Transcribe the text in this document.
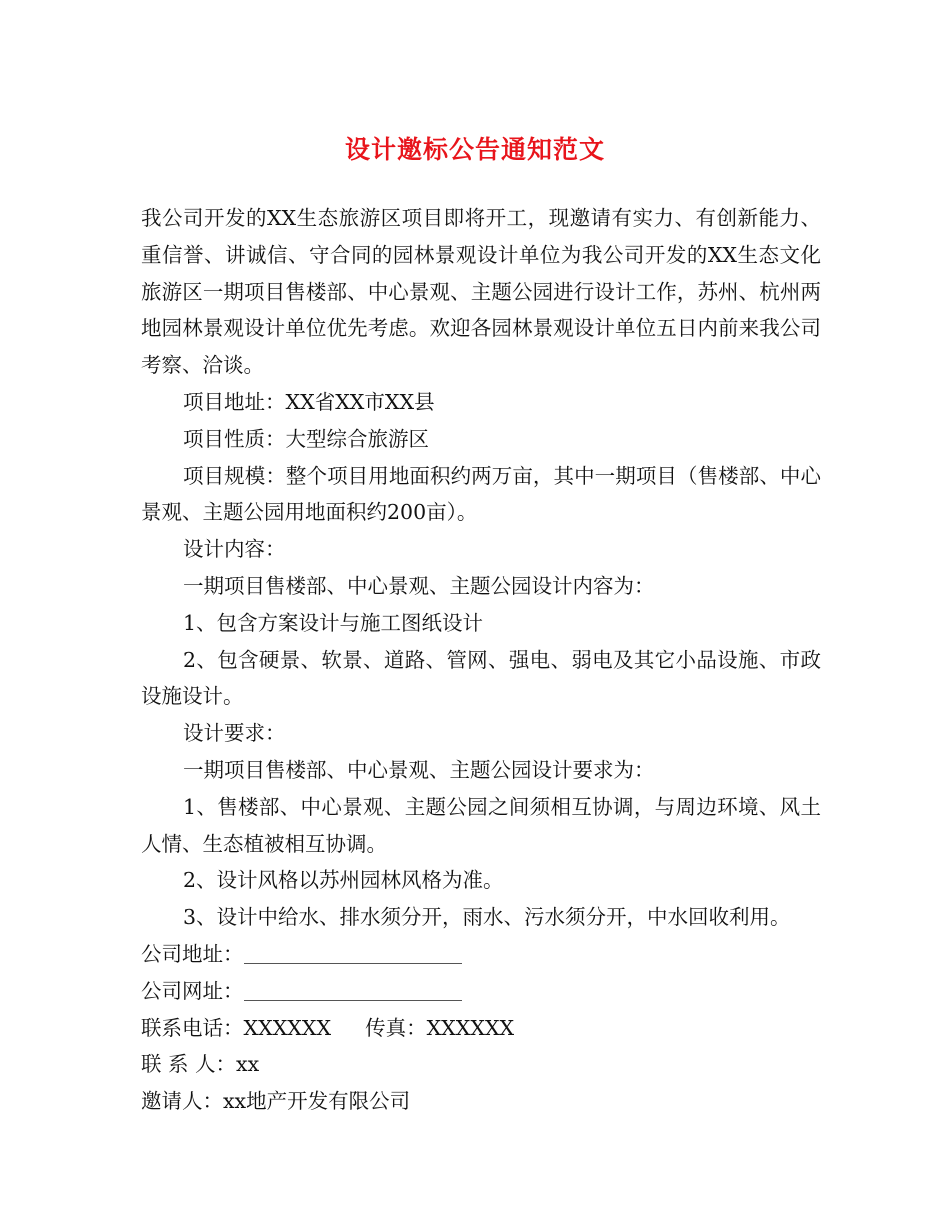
设计邀标公告通知范文

我公司开发的XX生态旅游区项目即将开工，现邀请有实力、有创新能力、重信誉、讲诚信、守合同的园林景观设计单位为我公司开发的XX生态文化旅游区一期项目售楼部、中心景观、主题公园进行设计工作，苏州、杭州两地园林景观设计单位优先考虑。欢迎各园林景观设计单位五日内前来我公司考察、洽谈。

项目地址：XX省XX市XX县

项目性质：大型综合旅游区

项目规模：整个项目用地面积约两万亩，其中一期项目（售楼部、中心景观、主题公园用地面积约200亩）。

设计内容：

一期项目售楼部、中心景观、主题公园设计内容为：

1、包含方案设计与施工图纸设计

2、包含硬景、软景、道路、管网、强电、弱电及其它小品设施、市政设施设计。

设计要求：

一期项目售楼部、中心景观、主题公园设计要求为：

1、售楼部、中心景观、主题公园之间须相互协调，与周边环境、风土人情、生态植被相互协调。

2、设计风格以苏州园林风格为准。

3、设计中给水、排水须分开，雨水、污水须分开，中水回收利用。

公司地址：

公司网址：

联系电话：XXXXXX 传真：XXXXXX

联 系 人：xx

邀请人：xx地产开发有限公司
